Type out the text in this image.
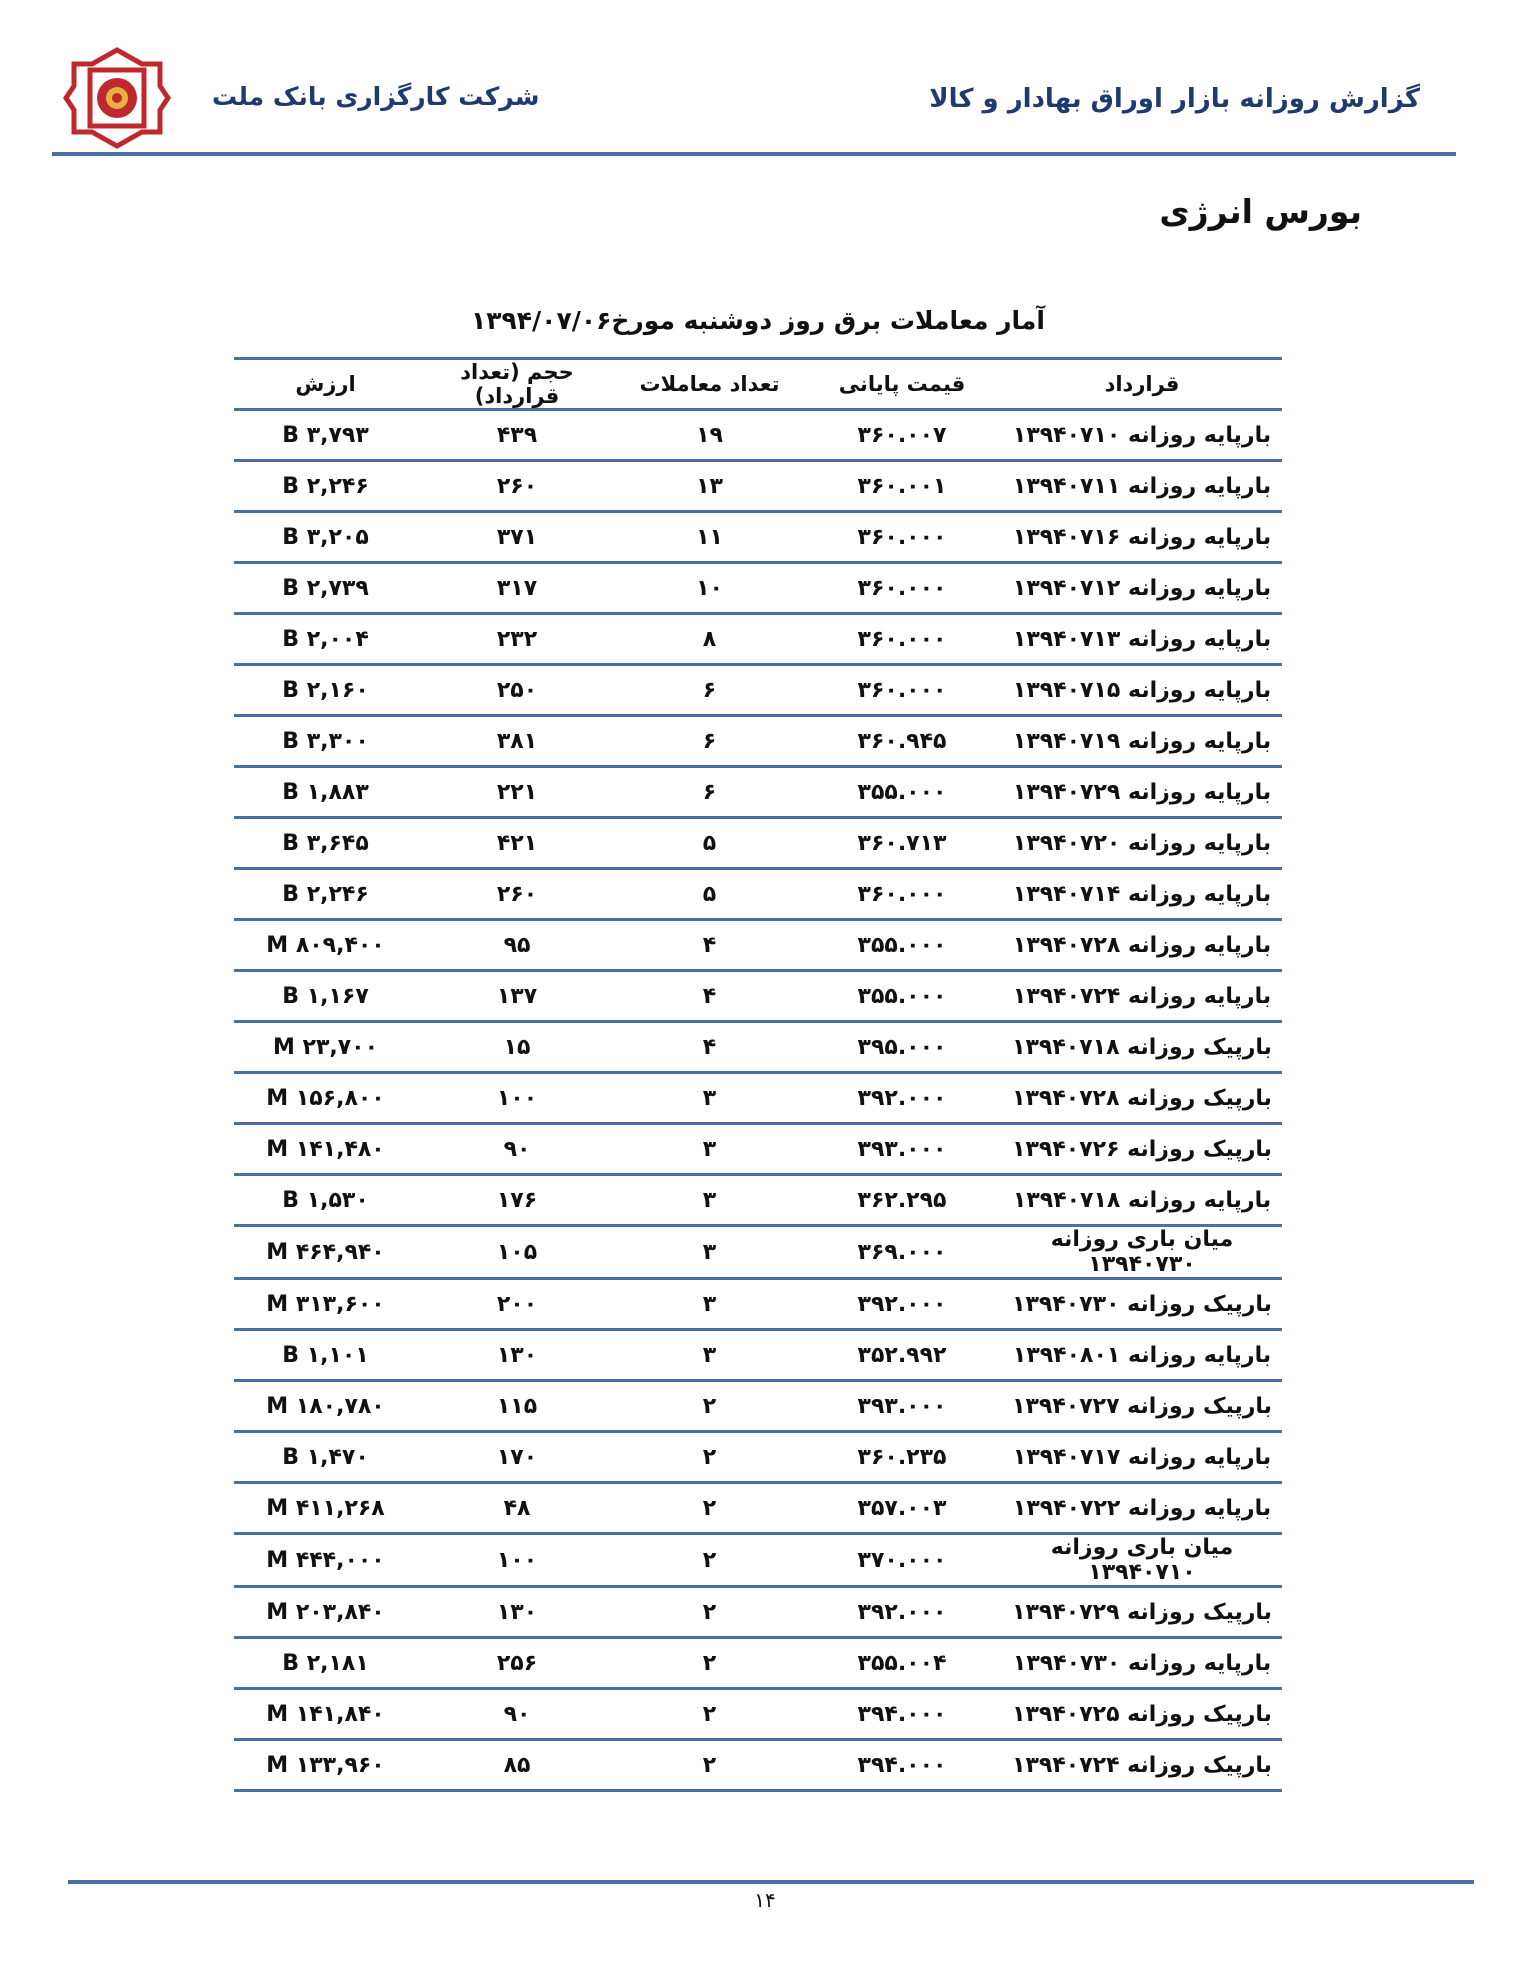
شرکت کارگزاری بانک ملت	گزارش روزانه بازار اوراق بهادار و کالا
بورس انرژی
آمار معاملات برق روز دوشنبه مورخ۱۳۹۴/۰۷/۰۶
قرارداد	قیمت پایانی	تعداد معاملات	حجم (تعداد قرارداد)	ارزش
بارپایه روزانه ۱۳۹۴۰۷۱۰	۳۶۰.۰۰۷	۱۹	۴۳۹	۳,۷۹۳ B
بارپایه روزانه ۱۳۹۴۰۷۱۱	۳۶۰.۰۰۱	۱۳	۲۶۰	۲,۲۴۶ B
بارپایه روزانه ۱۳۹۴۰۷۱۶	۳۶۰.۰۰۰	۱۱	۳۷۱	۳,۲۰۵ B
بارپایه روزانه ۱۳۹۴۰۷۱۲	۳۶۰.۰۰۰	۱۰	۳۱۷	۲,۷۳۹ B
بارپایه روزانه ۱۳۹۴۰۷۱۳	۳۶۰.۰۰۰	۸	۲۳۲	۲,۰۰۴ B
بارپایه روزانه ۱۳۹۴۰۷۱۵	۳۶۰.۰۰۰	۶	۲۵۰	۲,۱۶۰ B
بارپایه روزانه ۱۳۹۴۰۷۱۹	۳۶۰.۹۴۵	۶	۳۸۱	۳,۳۰۰ B
بارپایه روزانه ۱۳۹۴۰۷۲۹	۳۵۵.۰۰۰	۶	۲۲۱	۱,۸۸۳ B
بارپایه روزانه ۱۳۹۴۰۷۲۰	۳۶۰.۷۱۳	۵	۴۲۱	۳,۶۴۵ B
بارپایه روزانه ۱۳۹۴۰۷۱۴	۳۶۰.۰۰۰	۵	۲۶۰	۲,۲۴۶ B
بارپایه روزانه ۱۳۹۴۰۷۲۸	۳۵۵.۰۰۰	۴	۹۵	۸۰۹,۴۰۰ M
بارپایه روزانه ۱۳۹۴۰۷۲۴	۳۵۵.۰۰۰	۴	۱۳۷	۱,۱۶۷ B
بارپیک روزانه ۱۳۹۴۰۷۱۸	۳۹۵.۰۰۰	۴	۱۵	۲۳,۷۰۰ M
بارپیک روزانه ۱۳۹۴۰۷۲۸	۳۹۲.۰۰۰	۳	۱۰۰	۱۵۶,۸۰۰ M
بارپیک روزانه ۱۳۹۴۰۷۲۶	۳۹۳.۰۰۰	۳	۹۰	۱۴۱,۴۸۰ M
بارپایه روزانه ۱۳۹۴۰۷۱۸	۳۶۲.۲۹۵	۳	۱۷۶	۱,۵۳۰ B
میان باری روزانه ۱۳۹۴۰۷۳۰	۳۶۹.۰۰۰	۳	۱۰۵	۴۶۴,۹۴۰ M
بارپیک روزانه ۱۳۹۴۰۷۳۰	۳۹۲.۰۰۰	۳	۲۰۰	۳۱۳,۶۰۰ M
بارپایه روزانه ۱۳۹۴۰۸۰۱	۳۵۲.۹۹۲	۳	۱۳۰	۱,۱۰۱ B
بارپیک روزانه ۱۳۹۴۰۷۲۷	۳۹۳.۰۰۰	۲	۱۱۵	۱۸۰,۷۸۰ M
بارپایه روزانه ۱۳۹۴۰۷۱۷	۳۶۰.۲۳۵	۲	۱۷۰	۱,۴۷۰ B
بارپایه روزانه ۱۳۹۴۰۷۲۲	۳۵۷.۰۰۳	۲	۴۸	۴۱۱,۲۶۸ M
میان باری روزانه ۱۳۹۴۰۷۱۰	۳۷۰.۰۰۰	۲	۱۰۰	۴۴۴,۰۰۰ M
بارپیک روزانه ۱۳۹۴۰۷۲۹	۳۹۲.۰۰۰	۲	۱۳۰	۲۰۳,۸۴۰ M
بارپایه روزانه ۱۳۹۴۰۷۳۰	۳۵۵.۰۰۴	۲	۲۵۶	۲,۱۸۱ B
بارپیک روزانه ۱۳۹۴۰۷۲۵	۳۹۴.۰۰۰	۲	۹۰	۱۴۱,۸۴۰ M
بارپیک روزانه ۱۳۹۴۰۷۲۴	۳۹۴.۰۰۰	۲	۸۵	۱۳۳,۹۶۰ M
۱۴
